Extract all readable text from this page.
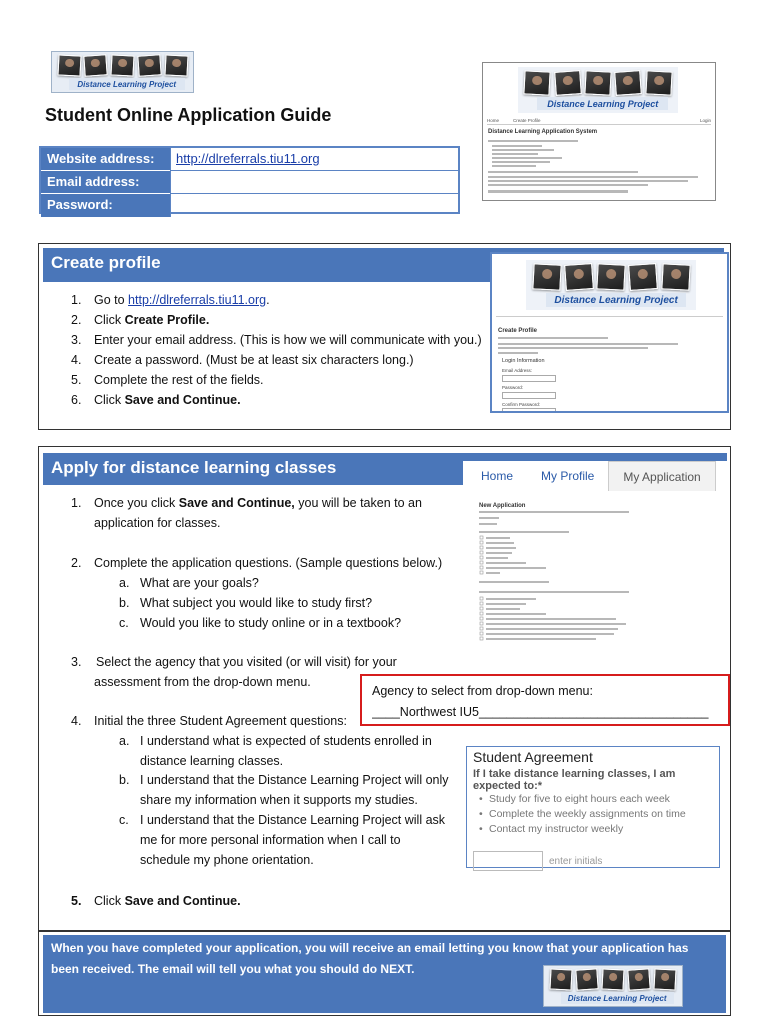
Distance Learning Project
Student Online Application Guide
Website address:	http://dlreferrals.tiu11.org
Email address:
Password:
Distance Learning Project
Home	Create Profile	Login
Distance Learning Application System
Create profile
1. Go to http://dlreferrals.tiu11.org.
2. Click Create Profile.
3. Enter your email address. (This is how we will communicate with you.)
4. Create a password. (Must be at least six characters long.)
5. Complete the rest of the fields.
6. Click Save and Continue.
Distance Learning Project
Create Profile
Login Information
Email Address:
Password:
Confirm Password:
Apply for distance learning classes	Home	My Profile	My Application
New Application
1. Once you click Save and Continue, you will be taken to an
application for classes.
2. Complete the application questions. (Sample questions below.)
a. What are your goals?
b. What subject you would like to study first?
c. Would you like to study online or in a textbook?
3. Select the agency that you visited (or will visit) for your
assessment from the drop-down menu.
4. Initial the three Student Agreement questions:
a. I understand what is expected of students enrolled in
distance learning classes.
b. I understand that the Distance Learning Project will only
share my information when it supports my studies.
c. I understand that the Distance Learning Project will ask
me for more personal information when I call to
schedule my phone orientation.
5. Click Save and Continue.
Agency to select from drop-down menu:
____Northwest IU5_________________________________
Student Agreement
If I take distance learning classes, I am expected to:*
• Study for five to eight hours each week
• Complete the weekly assignments on time
• Contact my instructor weekly
enter initials
When you have completed your application, you will receive an email letting you know that your application has been received. The email will tell you what you should do NEXT.
Distance Learning Project
